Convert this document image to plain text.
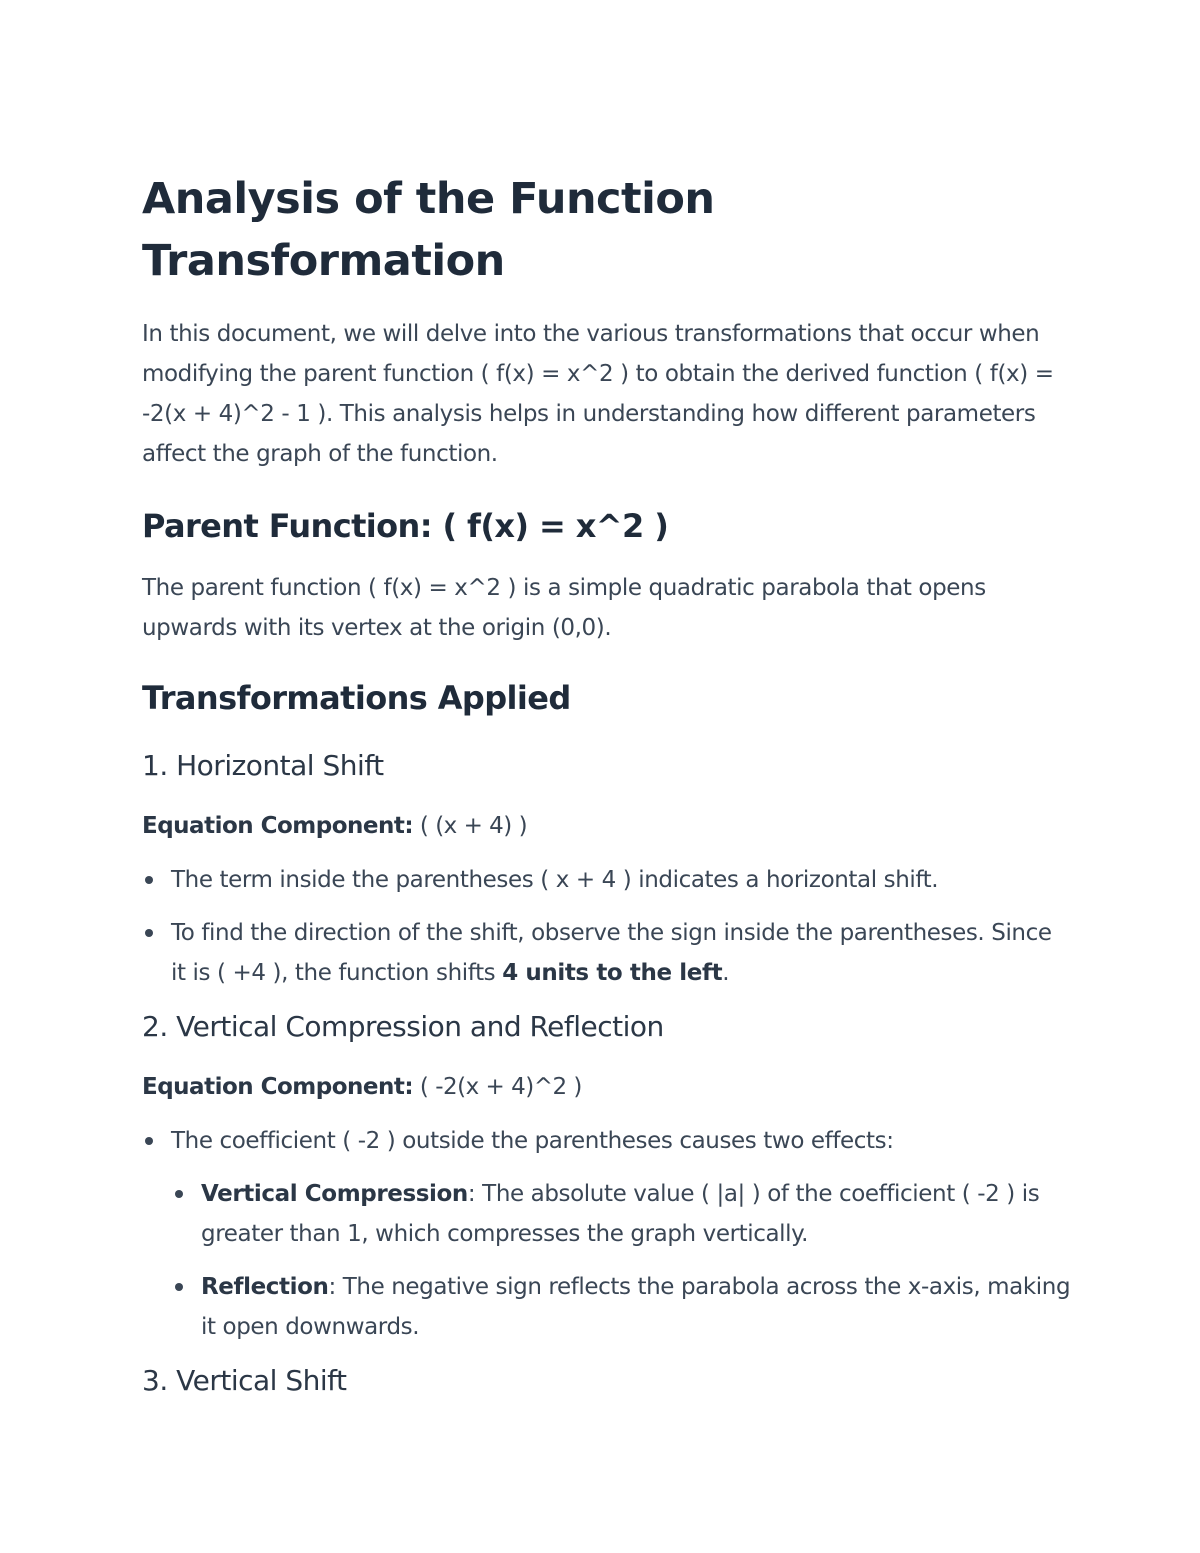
Analysis of the Function
Transformation

In this document, we will delve into the various transformations that occur when modifying the parent function ( f(x) = x^2 ) to obtain the derived function ( f(x) = -2(x + 4)^2 - 1 ). This analysis helps in understanding how different parameters affect the graph of the function.

Parent Function: ( f(x) = x^2 )

The parent function ( f(x) = x^2 ) is a simple quadratic parabola that opens upwards with its vertex at the origin (0,0).

Transformations Applied
1. Horizontal Shift

Equation Component: ( (x + 4) )

The term inside the parentheses ( x + 4 ) indicates a horizontal shift.
To find the direction of the shift, observe the sign inside the parentheses. Since it is ( +4 ), the function shifts 4 units to the left.
2. Vertical Compression and Reflection

Equation Component: ( -2(x + 4)^2 )

The coefficient ( -2 ) outside the parentheses causes two effects:
Vertical Compression: The absolute value ( |a| ) of the coefficient ( -2 ) is greater than 1, which compresses the graph vertically.
Reflection: The negative sign reflects the parabola across the x-axis, making it open downwards.
3. Vertical Shift
